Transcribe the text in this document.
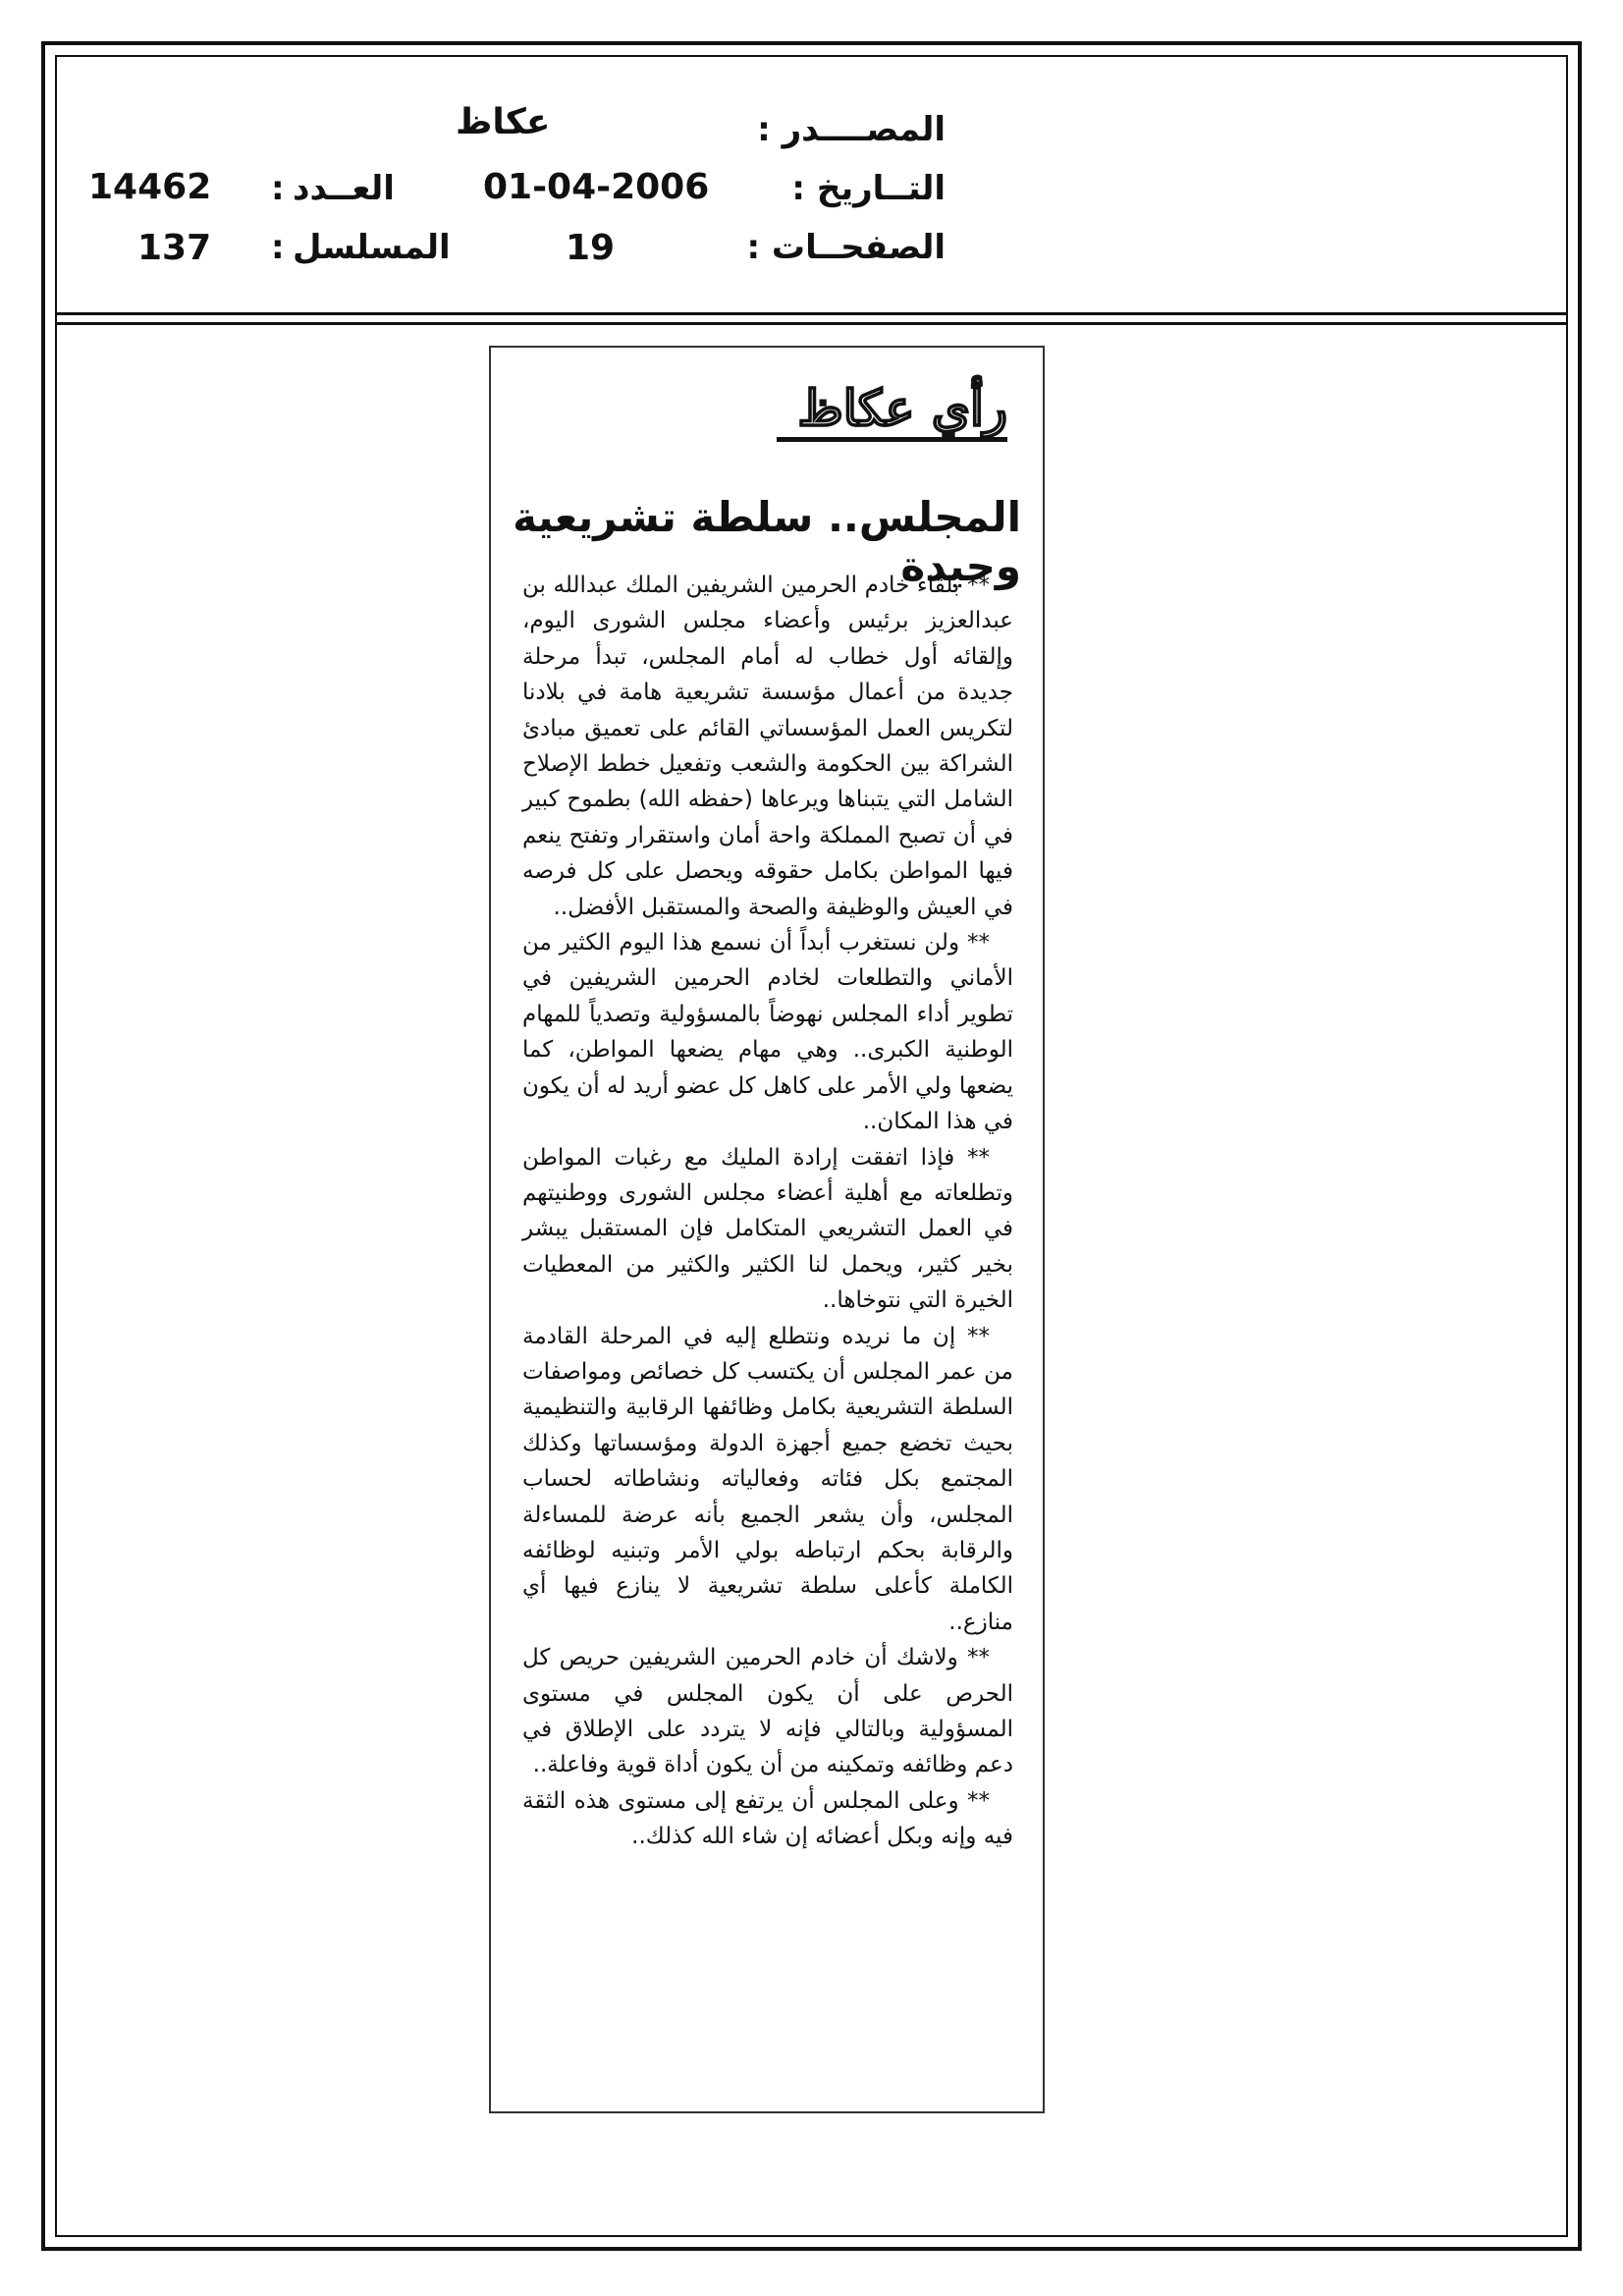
المصــــدر :
عكاظ
التــاريخ :
01-04-2006
العــدد
:
14462
الصفحــات :
19
المسلسل
:
137
رأي عكاظ
المجلس.. سلطة تشريعية وحيدة

** بلقاء خادم الحرمين الشريفين الملك عبدالله بن عبدالعزيز برئيس وأعضاء مجلس الشورى اليوم، وإلقائه أول خطاب له أمام المجلس، تبدأ مرحلة جديدة من أعمال مؤسسة تشريعية هامة في بلادنا لتكريس العمل المؤسساتي القائم على تعميق مبادئ الشراكة بين الحكومة والشعب وتفعيل خطط الإصلاح الشامل التي يتبناها ويرعاها (حفظه الله) بطموح كبير في أن تصبح المملكة واحة أمان واستقرار وتفتح ينعم فيها المواطن بكامل حقوقه ويحصل على كل فرصه في العيش والوظيفة والصحة والمستقبل الأفضل..

** ولن نستغرب أبداً أن نسمع هذا اليوم الكثير من الأماني والتطلعات لخادم الحرمين الشريفين في تطوير أداء المجلس نهوضاً بالمسؤولية وتصدياً للمهام الوطنية الكبرى.. وهي مهام يضعها المواطن، كما يضعها ولي الأمر على كاهل كل عضو أريد له أن يكون في هذا المكان..

** فإذا اتفقت إرادة المليك مع رغبات المواطن وتطلعاته مع أهلية أعضاء مجلس الشورى ووطنيتهم في العمل التشريعي المتكامل فإن المستقبل يبشر بخير كثير، ويحمل لنا الكثير والكثير من المعطيات الخيرة التي نتوخاها..

** إن ما نريده ونتطلع إليه في المرحلة القادمة من عمر المجلس أن يكتسب كل خصائص ومواصفات السلطة التشريعية بكامل وظائفها الرقابية والتنظيمية بحيث تخضع جميع أجهزة الدولة ومؤسساتها وكذلك المجتمع بكل فئاته وفعالياته ونشاطاته لحساب المجلس، وأن يشعر الجميع بأنه عرضة للمساءلة والرقابة بحكم ارتباطه بولي الأمر وتبنيه لوظائفه الكاملة كأعلى سلطة تشريعية لا ينازع فيها أي منازع..

** ولاشك أن خادم الحرمين الشريفين حريص كل الحرص على أن يكون المجلس في مستوى المسؤولية وبالتالي فإنه لا يتردد على الإطلاق في دعم وظائفه وتمكينه من أن يكون أداة قوية وفاعلة..

** وعلى المجلس أن يرتفع إلى مستوى هذه الثقة فيه وإنه وبكل أعضائه إن شاء الله كذلك..
